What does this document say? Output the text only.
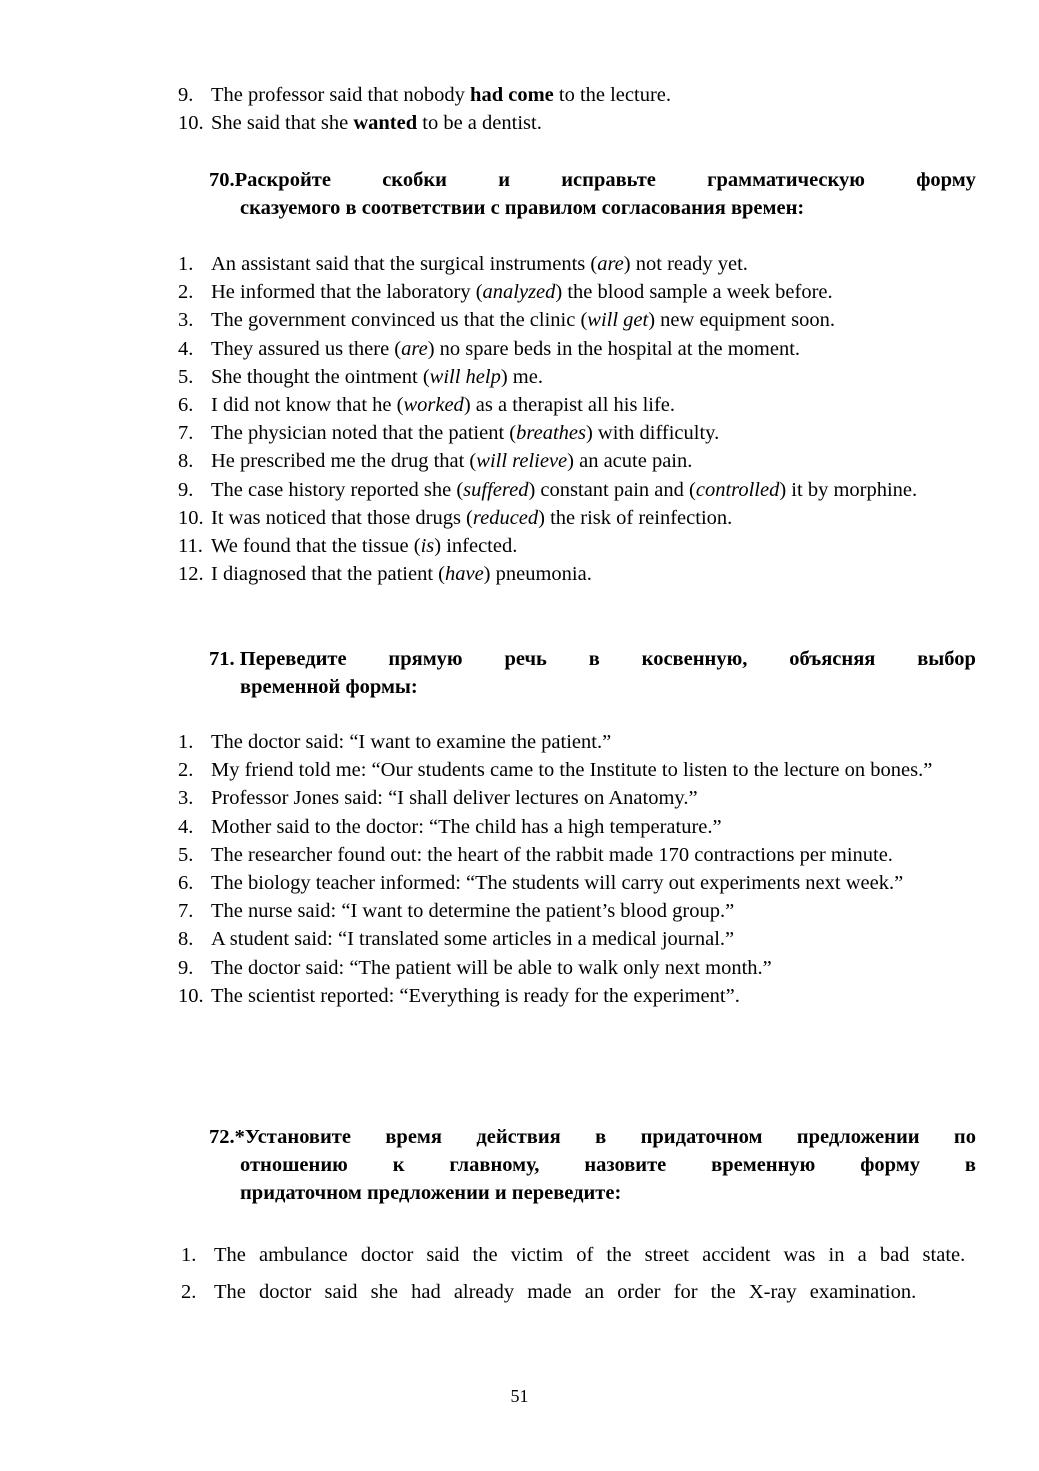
9. The professor said that nobody had come to the lecture.
10. She said that she wanted to be a dentist.
70.Раскройте скобки и исправьте грамматическую форму
сказуемого в соответствии с правилом согласования времен:
1. An assistant said that the surgical instruments (are) not ready yet.
2. He informed that the laboratory (analyzed) the blood sample a week before.
3. The government convinced us that the clinic (will get) new equipment soon.
4. They assured us there (are) no spare beds in the hospital at the moment.
5. She thought the ointment (will help) me.
6. I did not know that he (worked) as a therapist all his life.
7. The physician noted that the patient (breathes) with difficulty.
8. He prescribed me the drug that (will relieve) an acute pain.
9. The case history reported she (suffered) constant pain and (controlled) it by morphine.
10. It was noticed that those drugs (reduced) the risk of reinfection.
11. We found that the tissue (is) infected.
12. I diagnosed that the patient (have) pneumonia.
71. Переведите прямую речь в косвенную, объясняя выбор
временной формы:
1. The doctor said: “I want to examine the patient.”
2. My friend told me: “Our students came to the Institute to listen to the lecture on bones.”
3. Professor Jones said: “I shall deliver lectures on Anatomy.”
4. Mother said to the doctor: “The child has a high temperature.”
5. The researcher found out: the heart of the rabbit made 170 contractions per minute.
6. The biology teacher informed: “The students will carry out experiments next week.”
7. The nurse said: “I want to determine the patient’s blood group.”
8. A student said: “I translated some articles in a medical journal.”
9. The doctor said: “The patient will be able to walk only next month.”
10. The scientist reported: “Everything is ready for the experiment”.
72.*Установите время действия в придаточном предложении по
отношению к главному, назовите временную форму в
придаточном предложении и переведите:
1. The ambulance doctor said the victim of the street accident was in a bad state.
2. The doctor said she had already made an order for the X-ray examination.
51
